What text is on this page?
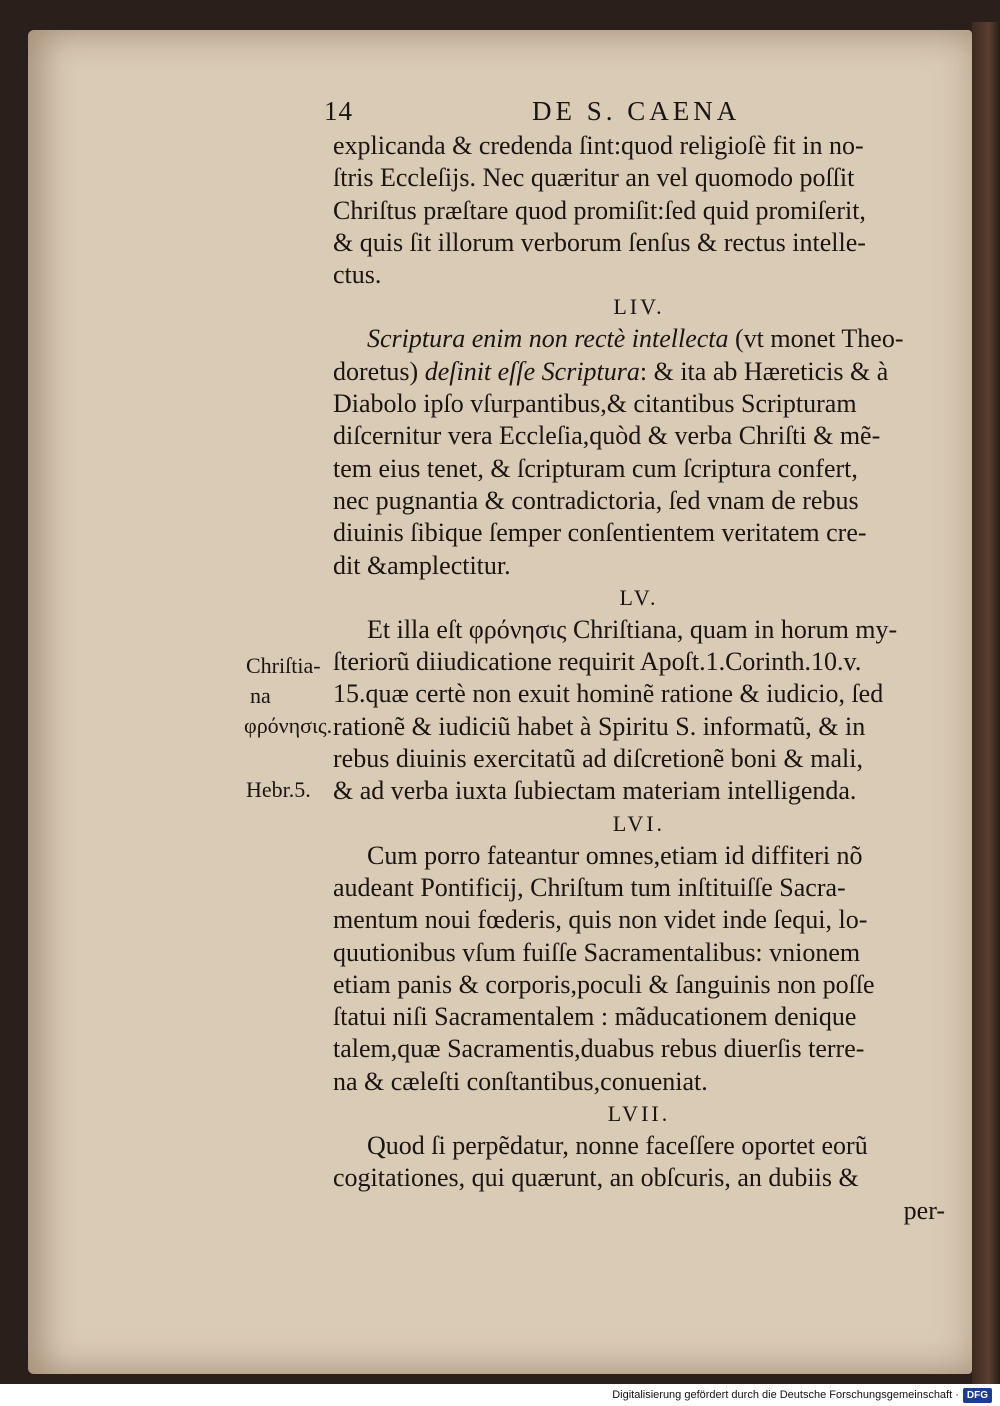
14	DE S. CAENA

explicanda & credenda ſint:quod religioſè fit in no-

ſtris Eccleſijs. Nec quæritur an vel quomodo poſſit

Chriſtus præſtare quod promiſit:ſed quid promiſerit,

& quis ſit illorum verborum ſenſus & rectus intelle-

ctus.

LIV.

Scriptura enim non rectè intellecta (vt monet Theo-

doretus) deſinit eſſe Scriptura: & ita ab Hæreticis & à

Diabolo ipſo vſurpantibus,& citantibus Scripturam

diſcernitur vera Eccleſia,quòd & verba Chriſti & mẽ-

tem eius tenet, & ſcripturam cum ſcriptura confert,

nec pugnantia & contradictoria, ſed vnam de rebus

diuinis ſibique ſemper conſentientem veritatem cre-

dit &amplectitur.

LV.

Et illa eſt φρόνησις Chriſtiana, quam in horum my-

ſteriorũ diiudicatione requirit Apoſt.1.Corinth.10.v.

15.quæ certè non exuit hominẽ ratione & iudicio, ſed

rationẽ & iudiciũ habet à Spiritu S. informatũ, & in

rebus diuinis exercitatũ ad diſcretionẽ boni & mali,

& ad verba iuxta ſubiectam materiam intelligenda.

LVI.

Cum porro fateantur omnes,etiam id diffiteri nõ

audeant Pontificij, Chriſtum tum inſtituiſſe Sacra-

mentum noui fœderis, quis non videt inde ſequi, lo-

quutionibus vſum fuiſſe Sacramentalibus: vnionem

etiam panis & corporis,poculi & ſanguinis non poſſe

ſtatui niſi Sacramentalem : mãducationem denique

talem,quæ Sacramentis,duabus rebus diuerſis terre-

na & cæleſti conſtantibus,conueniat.

LVII.

Quod ſi perpẽdatur, nonne faceſſere oportet eorũ

cogitationes, qui quærunt, an obſcuris, an dubiis &

per-

Chriſtia-
na
φρόνησις.
Hebr.5.
Digitalisierung gefördert durch die Deutsche Forschungsgemeinschaft · DFG
